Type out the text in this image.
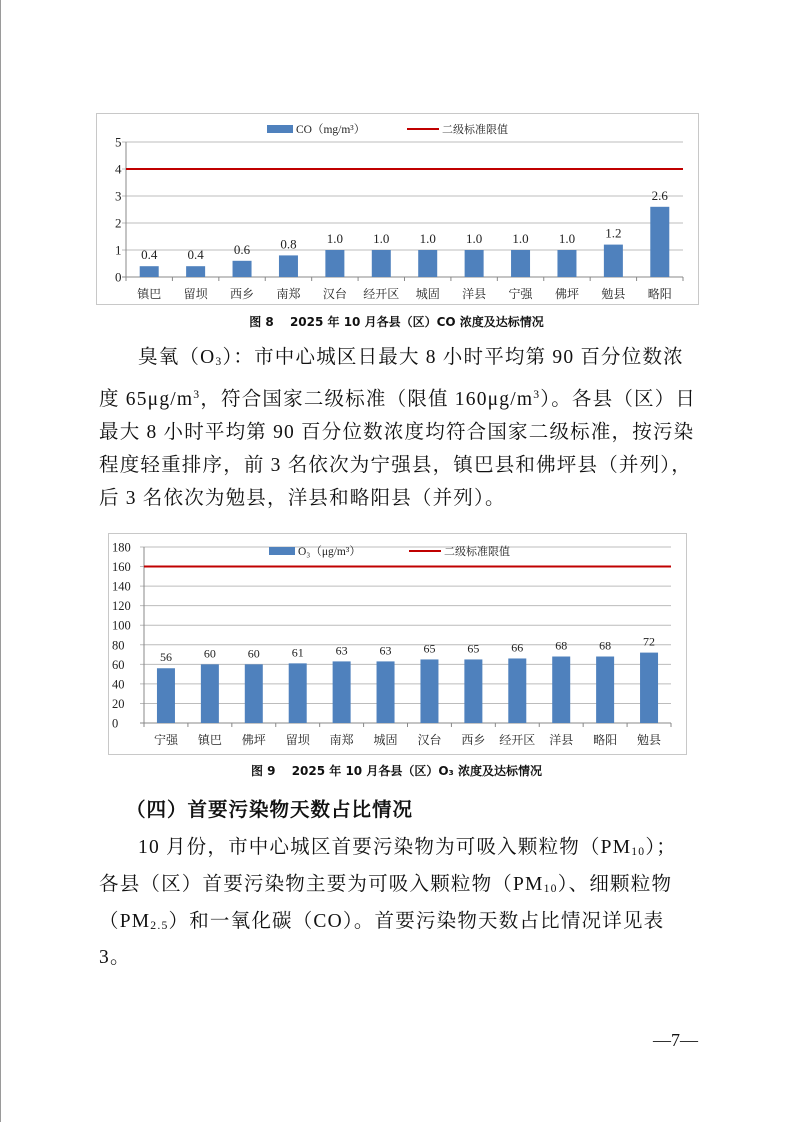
0
1
2
3
4
5
0.4
镇巴
0.4
留坝
0.6
西乡
0.8
南郑
1.0
汉台
1.0
经开区
1.0
城固
1.0
洋县
1.0
宁强
1.0
佛坪
1.2
勉县
2.6
略阳
CO（mg/m³）	二级标准限值
图 8　 2025 年 10 月各县（区）CO 浓度及达标情况

臭氧（O3）：市中心城区日最大 8 小时平均第 90 百分位数浓

度 $65\mu g/m^3$，符合国家二级标准（限值 $160\mu g/m^3$）。各县（区）日

最大 8 小时平均第 90 百分位数浓度均符合国家二级标准，按污染

程度轻重排序，前 3 名依次为宁强县，镇巴县和佛坪县（并列），

后 3 名依次为勉县，洋县和略阳县（并列）。

0
20
40
60
80
100
120
140
160
180
56
宁强
60
镇巴
60
佛坪
61
留坝
63
南郑
63
城固
65
汉台
65
西乡
66
经开区
68
洋县
68
略阳
72
勉县
O₃（μg/m³）	二级标准限值
图 9　 2025 年 10 月各县（区）O₃ 浓度及达标情况
（四）首要污染物天数占比情况

10 月份，市中心城区首要污染物为可吸入颗粒物（PM10）；

各县（区）首要污染物主要为可吸入颗粒物（PM10）、细颗粒物

（PM2.5）和一氧化碳（CO）。首要污染物天数占比情况详见表 3。

—7—
